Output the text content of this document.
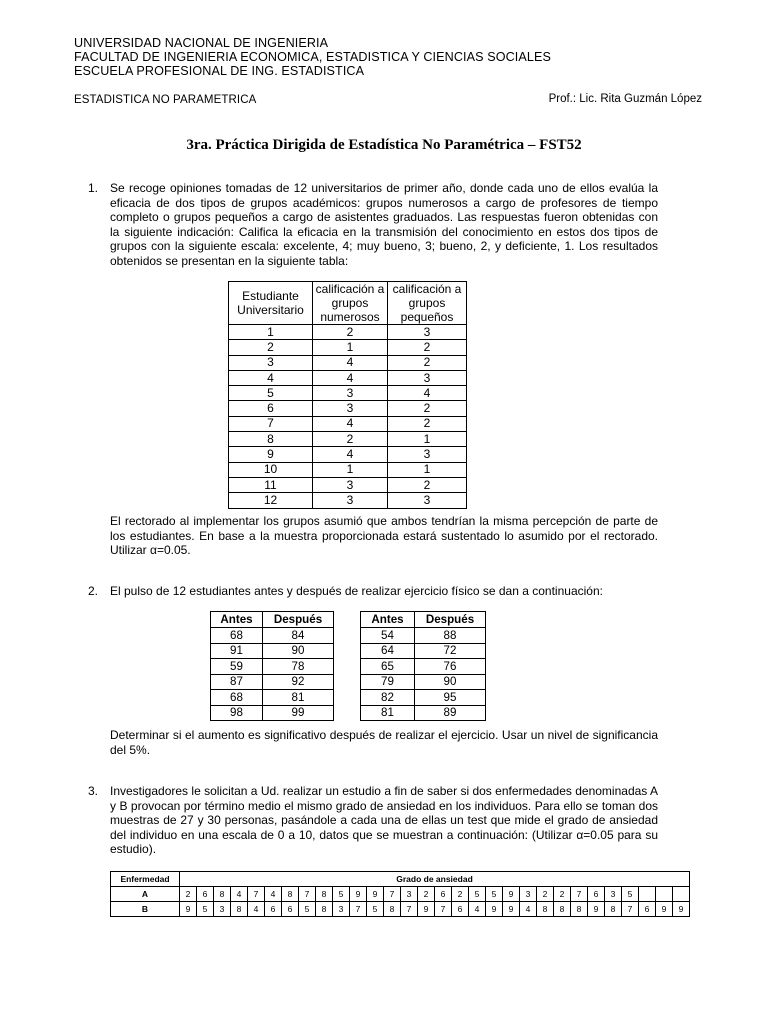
UNIVERSIDAD NACIONAL DE INGENIERIA
FACULTAD DE INGENIERIA ECONOMICA, ESTADISTICA Y CIENCIAS SOCIALES
ESCUELA PROFESIONAL DE ING. ESTADISTICA
ESTADISTICA NO PARAMETRICA	Prof.: Lic. Rita Guzmán López
3ra. Práctica Dirigida de Estadística No Paramétrica – FST52
1. Se recoge opiniones tomadas de 12 universitarios de primer año, donde cada uno de ellos evalúa la eficacia de dos tipos de grupos académicos: grupos numerosos a cargo de profesores de tiempo completo o grupos pequeños a cargo de asistentes graduados. Las respuestas fueron obtenidas con la siguiente indicación: Califica la eficacia en la transmisión del conocimiento en estos dos tipos de grupos con la siguiente escala: excelente, 4; muy bueno, 3; bueno, 2, y deficiente, 1. Los resultados obtenidos se presentan en la siguiente tabla:

Estudiante Universitario	calificación a grupos numerosos	calificación a grupos pequeños
1	2	3
2	1	2
3	4	2
4	4	3
5	3	4
6	3	2
7	4	2
8	2	1
9	4	3
10	1	1
11	3	2
12	3	3

El rectorado al implementar los grupos asumió que ambos tendrían la misma percepción de parte de los estudiantes. En base a la muestra proporcionada estará sustentado lo asumido por el rectorado. Utilizar α=0.05.

2. El pulso de 12 estudiantes antes y después de realizar ejercicio físico se dan a continuación:

Antes	Después
68	84
91	90
59	78
87	92
68	81
98	99
Antes	Después
54	88
64	72
65	76
79	90
82	95
81	89

Determinar si el aumento es significativo después de realizar el ejercicio. Usar un nivel de significancia del 5%.

3. Investigadores le solicitan a Ud. realizar un estudio a fin de saber si dos enfermedades denominadas A y B provocan por término medio el mismo grado de ansiedad en los individuos. Para ello se toman dos muestras de 27 y 30 personas, pasándole a cada una de ellas un test que mide el grado de ansiedad del individuo en una escala de 0 a 10, datos que se muestran a continuación: (Utilizar α=0.05 para su estudio).

Enfermedad	Grado de ansiedad																													
A	2	6	8	4	7	4	8	7	8	5	9	9	7	3	2	6	2	5	5	9	3	2	2	7	6	3	5			
B	9	5	3	8	4	6	6	5	8	3	7	5	8	7	9	7	6	4	9	9	4	8	8	8	9	8	7	6	9	9
